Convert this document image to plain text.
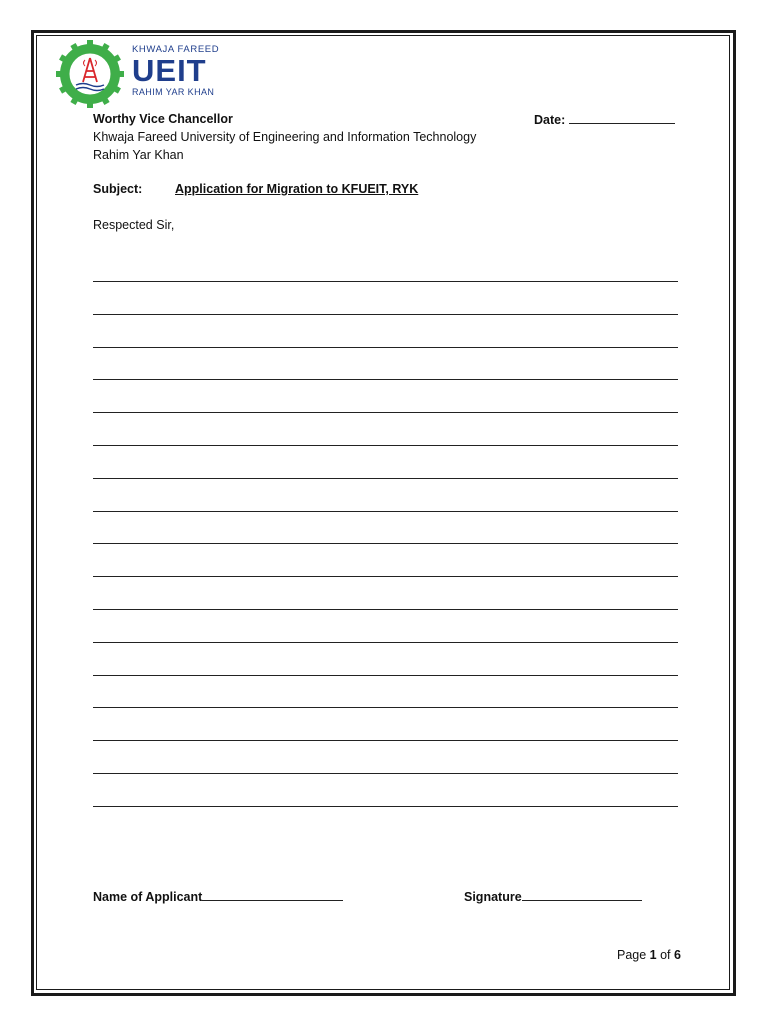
KHWAJA FAREED
UEIT
RAHIM YAR KHAN
Worthy Vice Chancellor
Khwaja Fareed University of Engineering and Information Technology
Rahim Yar Khan
Date:
Subject:	Application for Migration to KFUEIT, RYK
Respected Sir,
Name of Applicant	Signature
Page 1 of 6
